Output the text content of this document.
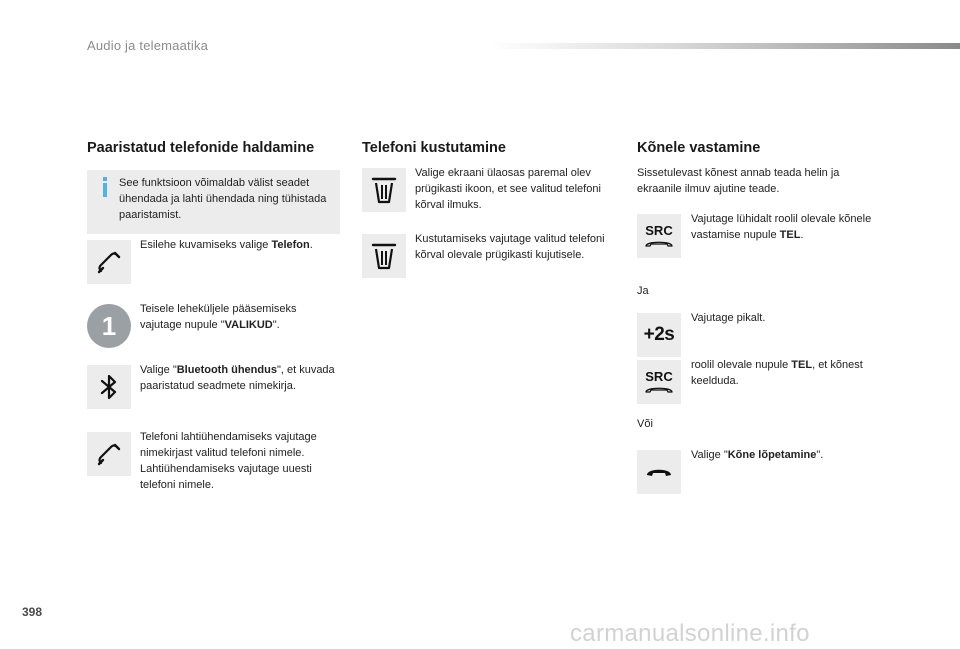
Audio ja telemaatika
Paaristatud telefonide haldamine
See funktsioon võimaldab välist seadet ühendada ja lahti ühendada ning tühistada paaristamist.
Esilehe kuvamiseks valige Telefon.
1
Teisele leheküljele pääsemiseks vajutage nupule "VALIKUD".
Valige "Bluetooth ühendus", et kuvada paaristatud seadmete nimekirja.
Telefoni lahtiühendamiseks vajutage nimekirjast valitud telefoni nimele. Lahtiühendamiseks vajutage uuesti telefoni nimele.
Telefoni kustutamine
Valige ekraani ülaosas paremal olev prügikasti ikoon, et see valitud telefoni kõrval ilmuks.
Kustutamiseks vajutage valitud telefoni kõrval olevale prügikasti kujutisele.
Kõnele vastamine
Sissetulevast kõnest annab teada helin ja ekraanile ilmuv ajutine teade.
SRC
Vajutage lühidalt roolil olevale kõnele vastamise nupule TEL.
Ja
+2s
Vajutage pikalt.
SRC
roolil olevale nupule TEL, et kõnest keelduda.
Või
Valige "Kõne lõpetamine".
398
carmanualsonline.info
